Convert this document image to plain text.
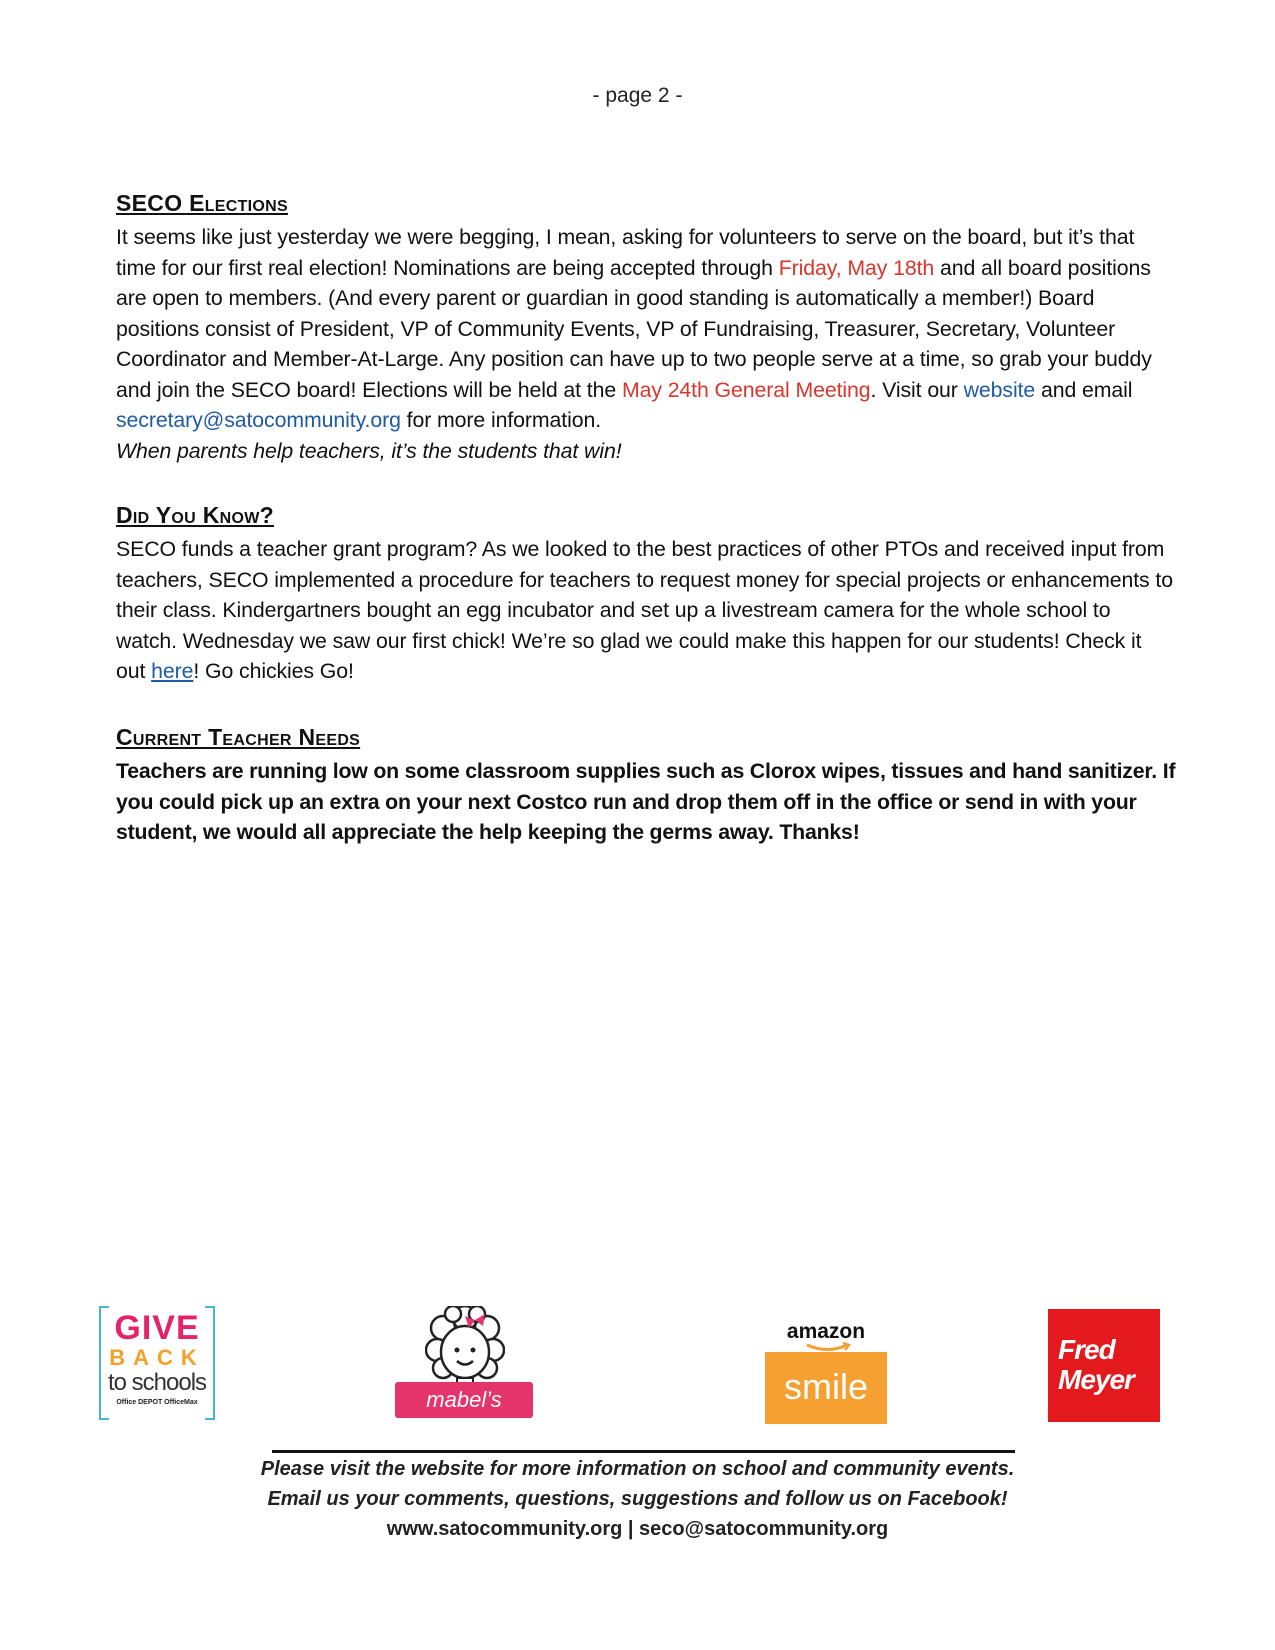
- page 2 -
SECO Elections

It seems like just yesterday we were begging, I mean, asking for volunteers to serve on the board, but it’s that time for our first real election! Nominations are being accepted through Friday, May 18th and all board positions are open to members. (And every parent or guardian in good standing is automatically a member!) Board positions consist of President, VP of Community Events, VP of Fundraising, Treasurer, Secretary, Volunteer Coordinator and Member-At-Large. Any position can have up to two people serve at a time, so grab your buddy and join the SECO board! Elections will be held at the May 24th General Meeting. Visit our website and email secretary@satocommunity.org for more information.

When parents help teachers, it’s the students that win!

Did You Know?

SECO funds a teacher grant program? As we looked to the best practices of other PTOs and received input from teachers, SECO implemented a procedure for teachers to request money for special projects or enhancements to their class. Kindergartners bought an egg incubator and set up a livestream camera for the whole school to watch. Wednesday we saw our first chick! We’re so glad we could make this happen for our students! Check it out here! Go chickies Go!

Current Teacher Needs

Teachers are running low on some classroom supplies such as Clorox wipes, tissues and hand sanitizer. If you could pick up an extra on your next Costco run and drop them off in the office or send in with your student, we would all appreciate the help keeping the germs away. Thanks!

GIVE
BACK
to schools
Office DEPOT OfficeMax	mabel’s labels
amazon
smile
Fred
Meyer
Please visit the website for more information on school and community events.
Email us your comments, questions, suggestions and follow us on Facebook!
www.satocommunity.org | seco@satocommunity.org
